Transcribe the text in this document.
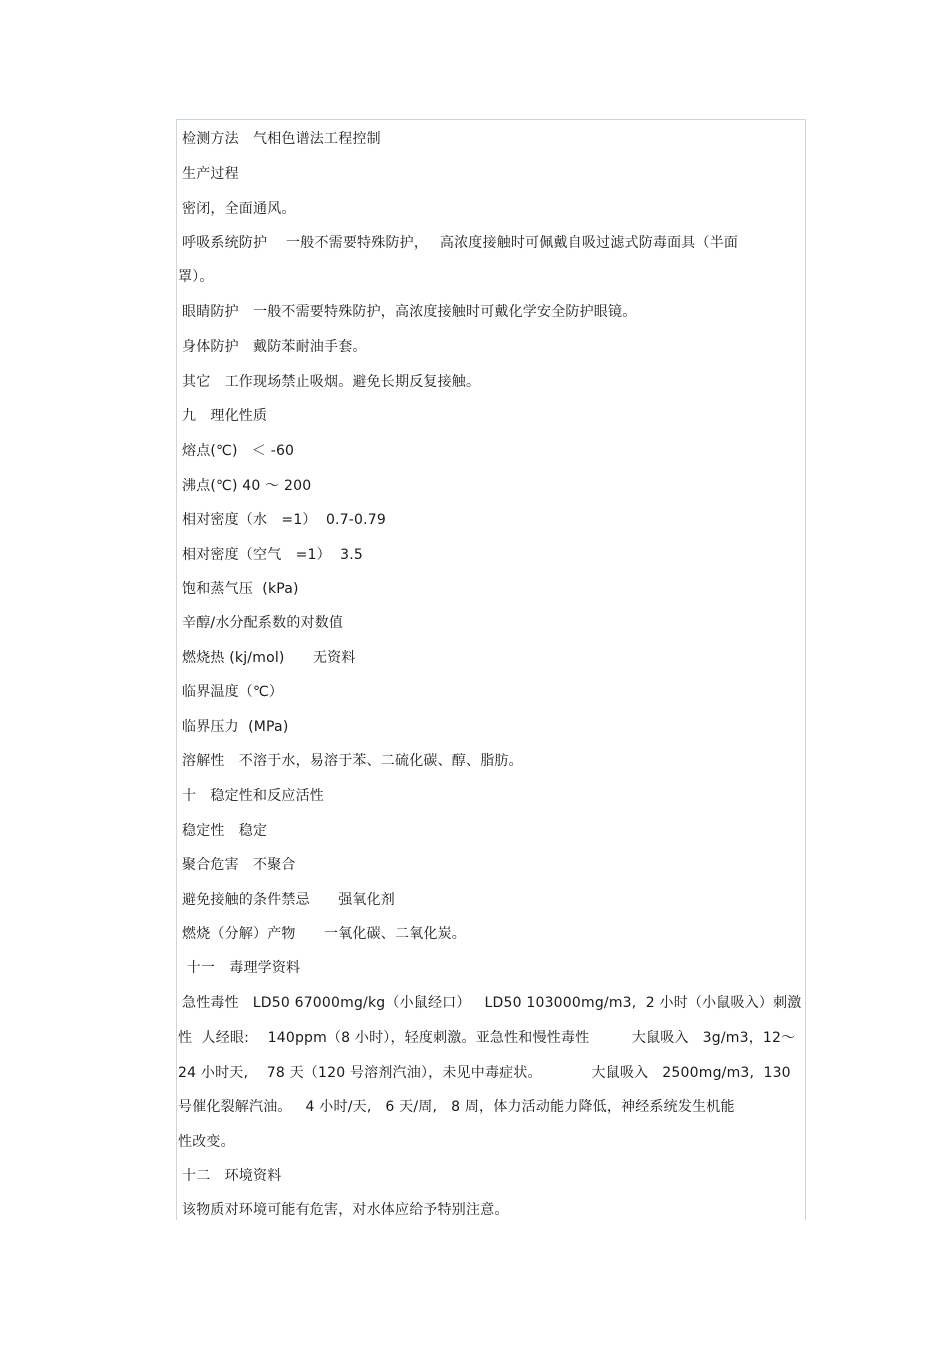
检测方法　气相色谱法工程控制
生产过程
密闭，全面通风。
呼吸系统防护　 一般不需要特殊防护，　 高浓度接触时可佩戴自吸过滤式防毒面具（半面
罩）。
眼睛防护　一般不需要特殊防护，高浓度接触时可戴化学安全防护眼镜。
身体防护　戴防苯耐油手套。
其它　工作现场禁止吸烟。避免长期反复接触。
九　理化性质
熔点(℃)　＜ -60
沸点(℃) 40 ～ 200
相对密度（水　=1）  0.7-0.79
相对密度（空气　=1）  3.5
饱和蒸气压  (kPa)
辛醇/水分配系数的对数值
燃烧热 (kj/mol)　　无资料
临界温度（℃）
临界压力  (MPa)
溶解性　不溶于水，易溶于苯、二硫化碳、醇、脂肪。
十　稳定性和反应活性
稳定性　稳定
聚合危害　不聚合
避免接触的条件禁忌　　强氧化剂
燃烧（分解）产物　　一氧化碳、二氧化炭。
十一　毒理学资料
急性毒性   LD50 67000mg/kg（小鼠经口）   LD50 103000mg/m3,  2 小时（小鼠吸入）刺激
性  人经眼:    140ppm（8 小时），轻度刺激。亚急性和慢性毒性　　　大鼠吸入   3g/m3，12～
24 小时天,    78 天（120 号溶剂汽油），未见中毒症状。　　　　大鼠吸入   2500mg/m3,  130
号催化裂解汽油。   4 小时/天,   6 天/周,   8 周，体力活动能力降低，神经系统发生机能
性改变。
十二　环境资料
该物质对环境可能有危害，对水体应给予特别注意。
